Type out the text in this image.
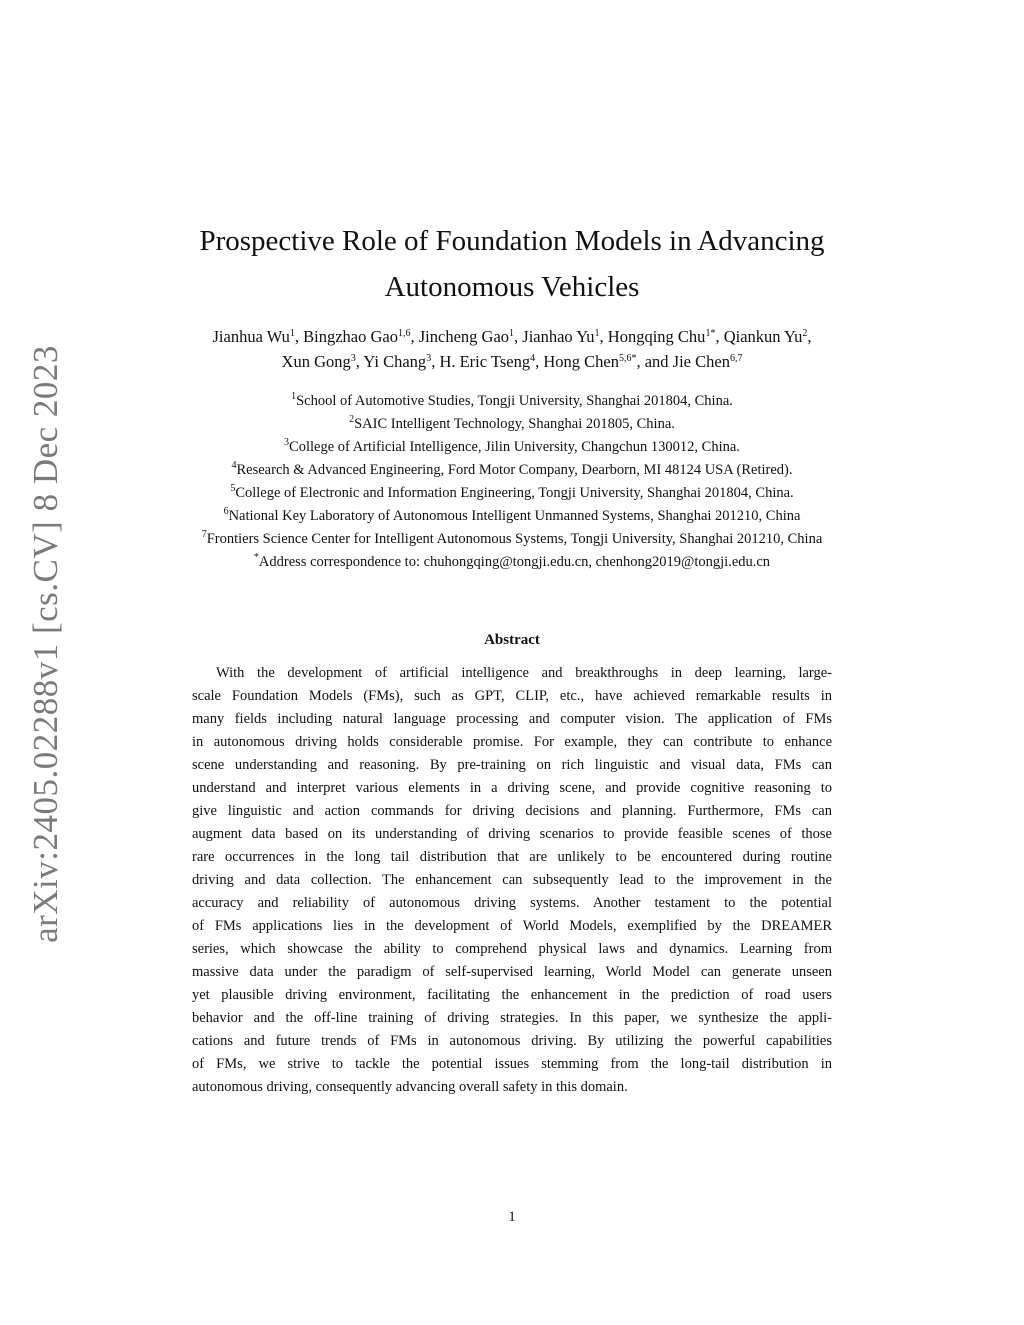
arXiv:2405.02288v1 [cs.CV] 8 Dec 2023
Prospective Role of Foundation Models in Advancing
Autonomous Vehicles
Jianhua Wu$^1$, Bingzhao Gao$^{1,6}$, Jincheng Gao$^1$, Jianhao Yu$^1$, Hongqing Chu$^{1*}$, Qiankun Yu$^2$,
Xun Gong$^3$, Yi Chang$^3$, H. Eric Tseng$^4$, Hong Chen$^{5,6*}$, and Jie Chen$^{6,7}$
$^1$School of Automotive Studies, Tongji University, Shanghai 201804, China.
$^2$SAIC Intelligent Technology, Shanghai 201805, China.
$^3$College of Artificial Intelligence, Jilin University, Changchun 130012, China.
$^4$Research & Advanced Engineering, Ford Motor Company, Dearborn, MI 48124 USA (Retired).
$^5$College of Electronic and Information Engineering, Tongji University, Shanghai 201804, China.
$^6$National Key Laboratory of Autonomous Intelligent Unmanned Systems, Shanghai 201210, China
$^7$Frontiers Science Center for Intelligent Autonomous Systems, Tongji University, Shanghai 201210, China
*Address correspondence to: chuhongqing@tongji.edu.cn, chenhong2019@tongji.edu.cn
Abstract
With the development of artificial intelligence and breakthroughs in deep learning, large-
scale Foundation Models (FMs), such as GPT, CLIP, etc., have achieved remarkable results in
many fields including natural language processing and computer vision. The application of FMs
in autonomous driving holds considerable promise. For example, they can contribute to enhance
scene understanding and reasoning. By pre-training on rich linguistic and visual data, FMs can
understand and interpret various elements in a driving scene, and provide cognitive reasoning to
give linguistic and action commands for driving decisions and planning. Furthermore, FMs can
augment data based on its understanding of driving scenarios to provide feasible scenes of those
rare occurrences in the long tail distribution that are unlikely to be encountered during routine
driving and data collection. The enhancement can subsequently lead to the improvement in the
accuracy and reliability of autonomous driving systems. Another testament to the potential
of FMs applications lies in the development of World Models, exemplified by the DREAMER
series, which showcase the ability to comprehend physical laws and dynamics. Learning from
massive data under the paradigm of self-supervised learning, World Model can generate unseen
yet plausible driving environment, facilitating the enhancement in the prediction of road users
behavior and the off-line training of driving strategies. In this paper, we synthesize the appli-
cations and future trends of FMs in autonomous driving. By utilizing the powerful capabilities
of FMs, we strive to tackle the potential issues stemming from the long-tail distribution in
autonomous driving, consequently advancing overall safety in this domain.
1
